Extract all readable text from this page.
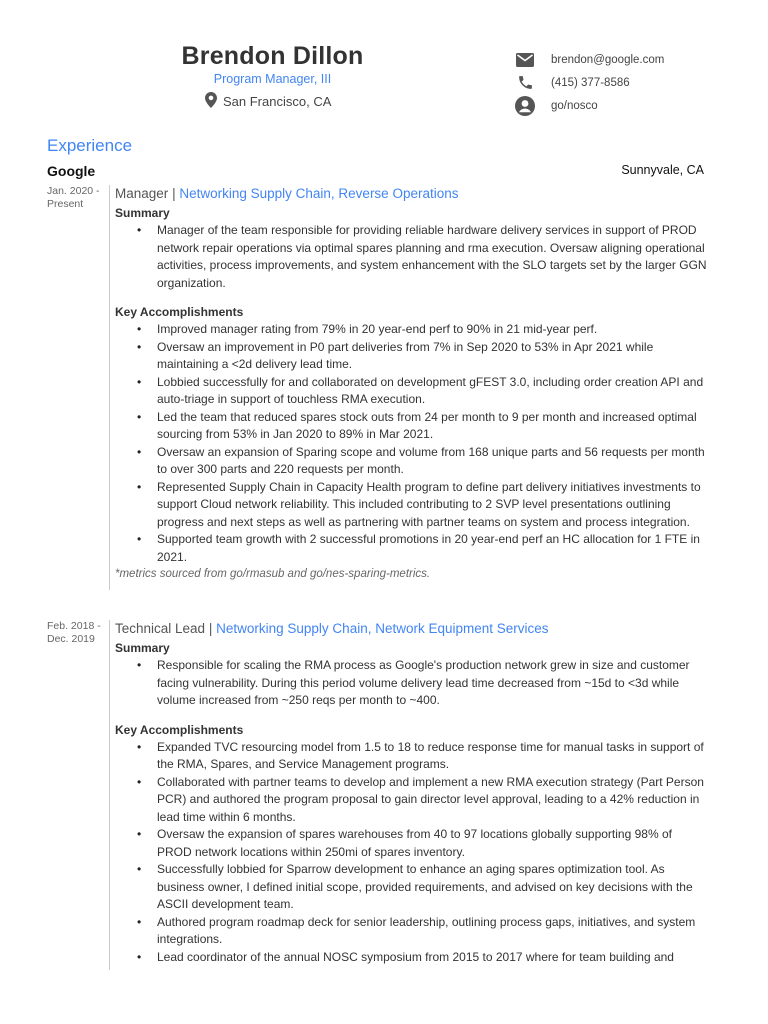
Brendon Dillon
Program Manager, III
San Francisco, CA
brendon@google.com
(415) 377-8586
go/nosco
Experience
Google	Sunnyvale, CA
Jan. 2020 -
Present
Manager | Networking Supply Chain, Reverse Operations
Summary
• Manager of the team responsible for providing reliable hardware delivery services in support of PROD network repair operations via optimal spares planning and rma execution. Oversaw aligning operational activities, process improvements, and system enhancement with the SLO targets set by the larger GGN organization.
Key Accomplishments
• Improved manager rating from 79% in 20 year-end perf to 90% in 21 mid-year perf.
• Oversaw an improvement in P0 part deliveries from 7% in Sep 2020 to 53% in Apr 2021 while maintaining a <2d delivery lead time.
• Lobbied successfully for and collaborated on development gFEST 3.0, including order creation API and auto-triage in support of touchless RMA execution.
• Led the team that reduced spares stock outs from 24 per month to 9 per month and increased optimal sourcing from 53% in Jan 2020 to 89% in Mar 2021.
• Oversaw an expansion of Sparing scope and volume from 168 unique parts and 56 requests per month to over 300 parts and 220 requests per month.
• Represented Supply Chain in Capacity Health program to define part delivery initiatives investments to support Cloud network reliability. This included contributing to 2 SVP level presentations outlining progress and next steps as well as partnering with partner teams on system and process integration.
• Supported team growth with 2 successful promotions in 20 year-end perf an HC allocation for 1 FTE in 2021.
*metrics sourced from go/rmasub and go/nes-sparing-metrics.
Feb. 2018 -
Dec. 2019
Technical Lead | Networking Supply Chain, Network Equipment Services
Summary
• Responsible for scaling the RMA process as Google's production network grew in size and customer facing vulnerability. During this period volume delivery lead time decreased from ~15d to <3d while volume increased from ~250 reqs per month to ~400.
Key Accomplishments
• Expanded TVC resourcing model from 1.5 to 18 to reduce response time for manual tasks in support of the RMA, Spares, and Service Management programs.
• Collaborated with partner teams to develop and implement a new RMA execution strategy (Part Person PCR) and authored the program proposal to gain director level approval, leading to a 42% reduction in lead time within 6 months.
• Oversaw the expansion of spares warehouses from 40 to 97 locations globally supporting 98% of PROD network locations within 250mi of spares inventory.
• Successfully lobbied for Sparrow development to enhance an aging spares optimization tool. As business owner, I defined initial scope, provided requirements, and advised on key decisions with the ASCII development team.
• Authored program roadmap deck for senior leadership, outlining process gaps, initiatives, and system integrations.
• Lead coordinator of the annual NOSC symposium from 2015 to 2017 where for team building and
